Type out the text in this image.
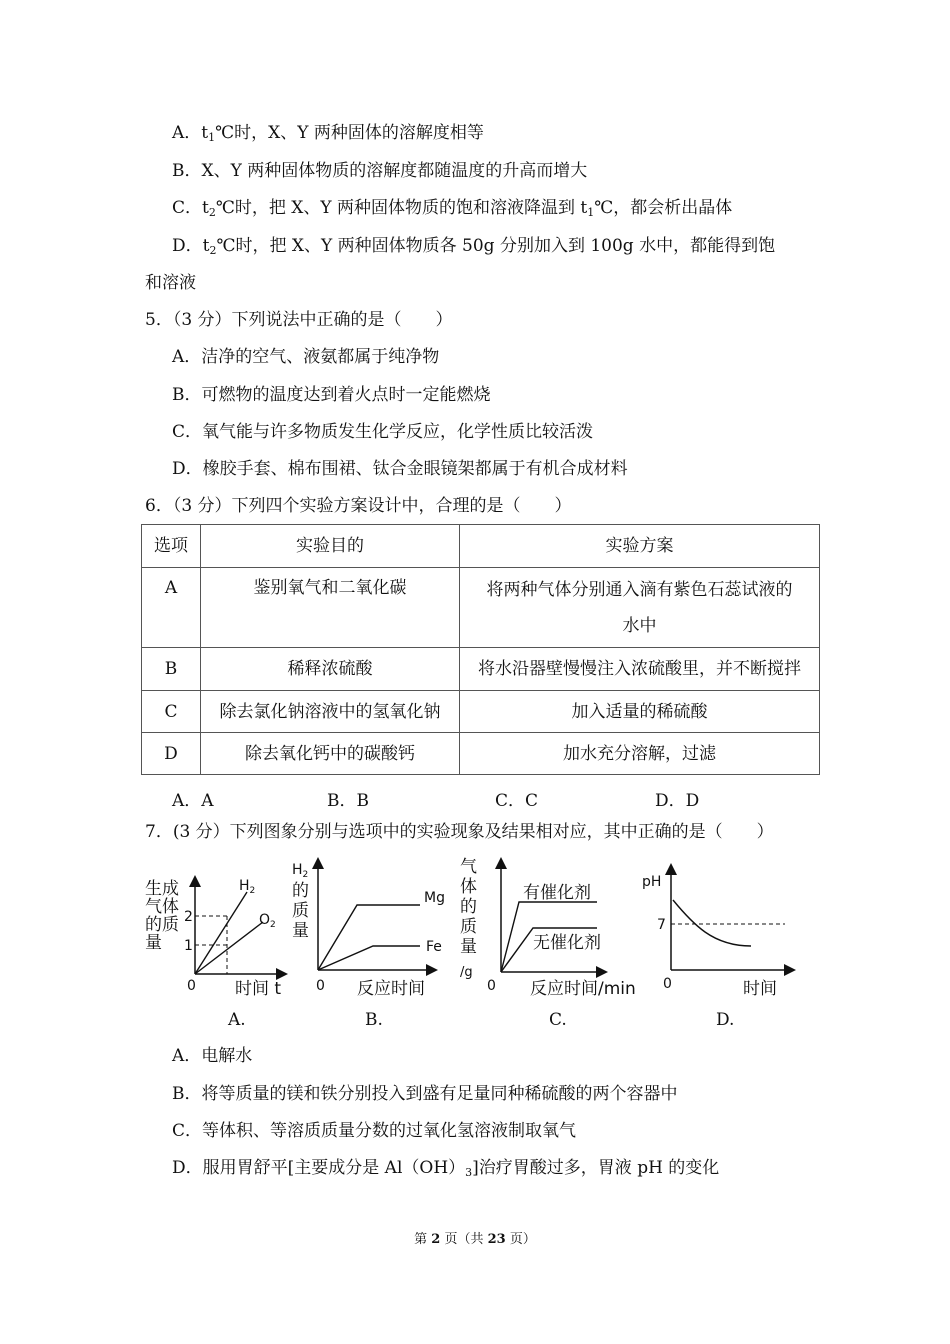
A．$t_1℃$时，X、Y 两种固体的溶解度相等
B．X、Y 两种固体物质的溶解度都随温度的升高而增大
C．$t_2℃$时，把 X、Y 两种固体物质的饱和溶液降温到 $t_1℃$，都会析出晶体
D．$t_2℃$时，把 X、Y 两种固体物质各 50g 分别加入到 100g 水中，都能得到饱
和溶液
5．（3 分）下列说法中正确的是（　　）
A．洁净的空气、液氨都属于纯净物
B．可燃物的温度达到着火点时一定能燃烧
C．氧气能与许多物质发生化学反应，化学性质比较活泼
D．橡胶手套、棉布围裙、钛合金眼镜架都属于有机合成材料
6．（3 分）下列四个实验方案设计中，合理的是（　　）
选项	实验目的	实验方案
A	鉴别氧气和二氧化碳	将两种气体分别通入滴有紫色石蕊试液的
水中

B	稀释浓硫酸	将水沿器壁慢慢注入浓硫酸里，并不断搅拌
C	除去氯化钠溶液中的氢氧化钠	加入适量的稀硫酸
D	除去氧化钙中的碳酸钙	加水充分溶解，过滤
A．A	B．B	C．C	D．D
7．(3 分）下列图象分别与选项中的实验现象及结果相对应，其中正确的是（　　）
生成
气体
的质
量
2
1
$H_2$
$O_2$
0 时间 t
$H_2$
的
质
量
Mg
Fe
0 反应时间
气
体
的
质
量
/g
有催化剂
无催化剂
0 反应时间/min
pH
7
0	时间
A.	B.	C.	D.
A．电解水
B．将等质量的镁和铁分别投入到盛有足量同种稀硫酸的两个容器中
C．等体积、等溶质质量分数的过氧化氢溶液制取氧气
D．服用胃舒平[主要成分是 $Al(OH)_3$]治疗胃酸过多，胃液 pH 的变化
第 2 页（共 23 页）
